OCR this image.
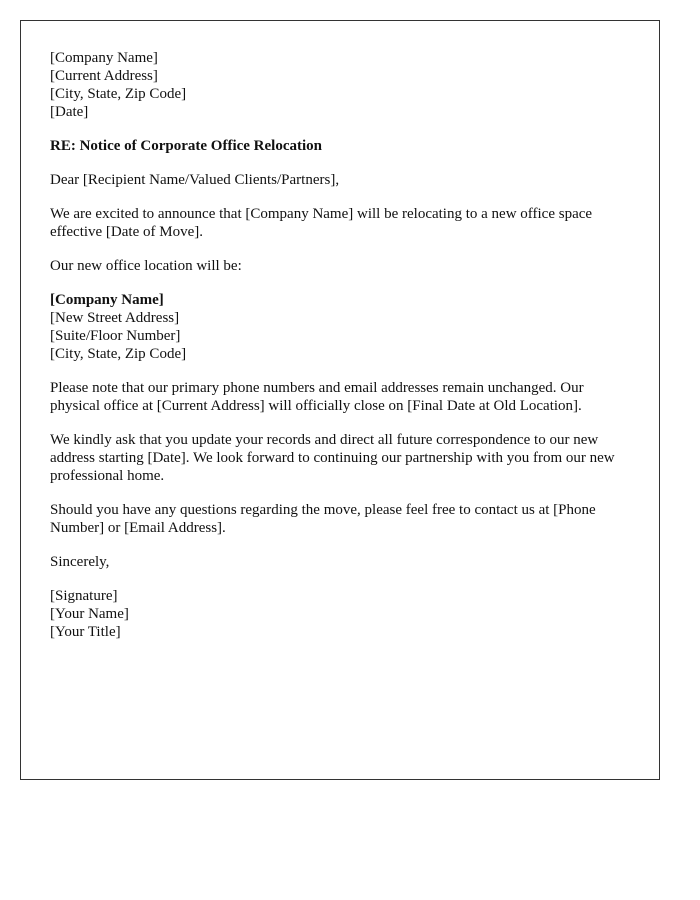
[Company Name]
[Current Address]
[City, State, Zip Code]
[Date]

RE: Notice of Corporate Office Relocation

Dear [Recipient Name/Valued Clients/Partners],

We are excited to announce that [Company Name] will be relocating to a new office space effective [Date of Move].

Our new office location will be:

[Company Name]
[New Street Address]
[Suite/Floor Number]
[City, State, Zip Code]

Please note that our primary phone numbers and email addresses remain unchanged. Our physical office at [Current Address] will officially close on [Final Date at Old Location].

We kindly ask that you update your records and direct all future correspondence to our new address starting [Date]. We look forward to continuing our partnership with you from our new professional home.

Should you have any questions regarding the move, please feel free to contact us at [Phone Number] or [Email Address].

Sincerely,

[Signature]
[Your Name]
[Your Title]
